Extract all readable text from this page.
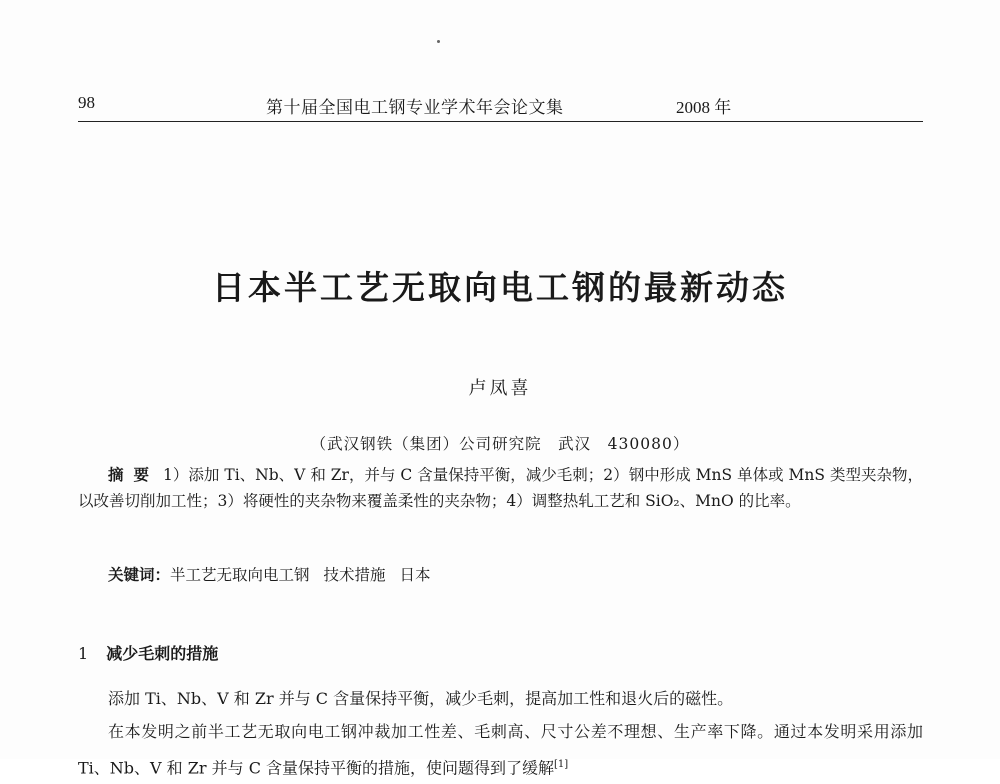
98	第十届全国电工钢专业学术年会论文集	2008 年
日本半工艺无取向电工钢的最新动态
卢凤喜
（武汉钢铁（集团）公司研究院　武汉　430080）

摘要 1）添加 Ti、Nb、V 和 Zr，并与 C 含量保持平衡，减少毛刺；2）钢中形成 MnS 单体或 MnS 类型夹杂物，以改善切削加工性；3）将硬性的夹杂物来覆盖柔性的夹杂物；4）调整热轧工艺和 SiO₂、MnO 的比率。

关键词：半工艺无取向电工钢 技术措施 日本

1 减少毛刺的措施

添加 Ti、Nb、V 和 Zr 并与 C 含量保持平衡，减少毛刺，提高加工性和退火后的磁性。

在本发明之前半工艺无取向电工钢冲裁加工性差、毛刺高、尺寸公差不理想、生产率下降。通过本发明采用添加 Ti、Nb、V 和 Zr 并与 C 含量保持平衡的措施，使问题得到了缓解[1]
